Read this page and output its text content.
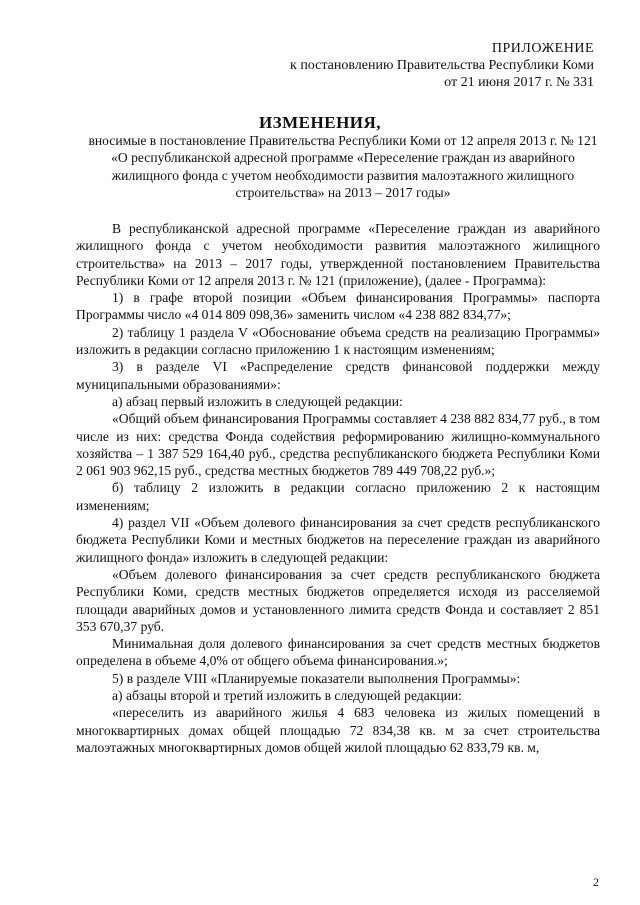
ПРИЛОЖЕНИЕ
к постановлению Правительства Республики Коми
от 21 июня 2017 г. № 331
ИЗМЕНЕНИЯ,
вносимые в постановление Правительства Республики Коми от 12 апреля 2013 г. № 121 «О республиканской адресной программе «Переселение граждан из аварийного жилищного фонда с учетом необходимости развития малоэтажного жилищного строительства» на 2013 – 2017 годы»

В республиканской адресной программе «Переселение граждан из аварийного жилищного фонда с учетом необходимости развития малоэтажного жилищного строительства» на 2013 – 2017 годы, утвержденной постановлением Правительства Республики Коми от 12 апреля 2013 г. № 121 (приложение), (далее - Программа):

1) в графе второй позиции «Объем финансирования Программы» паспорта Программы число «4 014 809 098,36» заменить числом «4 238 882 834,77»;

2) таблицу 1 раздела V «Обоснование объема средств на реализацию Программы» изложить в редакции согласно приложению 1 к настоящим изменениям;

3) в разделе VI «Распределение средств финансовой поддержки между муниципальными образованиями»:

а) абзац первый изложить в следующей редакции:

«Общий объем финансирования Программы составляет 4 238 882 834,77 руб., в том числе из них: средства Фонда содействия реформированию жилищно-коммунального хозяйства – 1 387 529 164,40 руб., средства республиканского бюджета Республики Коми 2 061 903 962,15 руб., средства местных бюджетов 789 449 708,22 руб.»;

б) таблицу 2 изложить в редакции согласно приложению 2 к настоящим изменениям;

4) раздел VII «Объем долевого финансирования за счет средств республиканского бюджета Республики Коми и местных бюджетов на переселение граждан из аварийного жилищного фонда» изложить в следующей редакции:

«Объем долевого финансирования за счет средств республиканского бюджета Республики Коми, средств местных бюджетов определяется исходя из расселяемой площади аварийных домов и установленного лимита средств Фонда и составляет 2 851 353 670,37 руб.

Минимальная доля долевого финансирования за счет средств местных бюджетов определена в объеме 4,0% от общего объема финансирования.»;

5) в разделе VIII «Планируемые показатели выполнения Программы»:

а) абзацы второй и третий изложить в следующей редакции:

«переселить из аварийного жилья 4 683 человека из жилых помещений в многоквартирных домах общей площадью 72 834,38 кв. м за счет строительства малоэтажных многоквартирных домов общей жилой площадью 62 833,79 кв. м,

2
